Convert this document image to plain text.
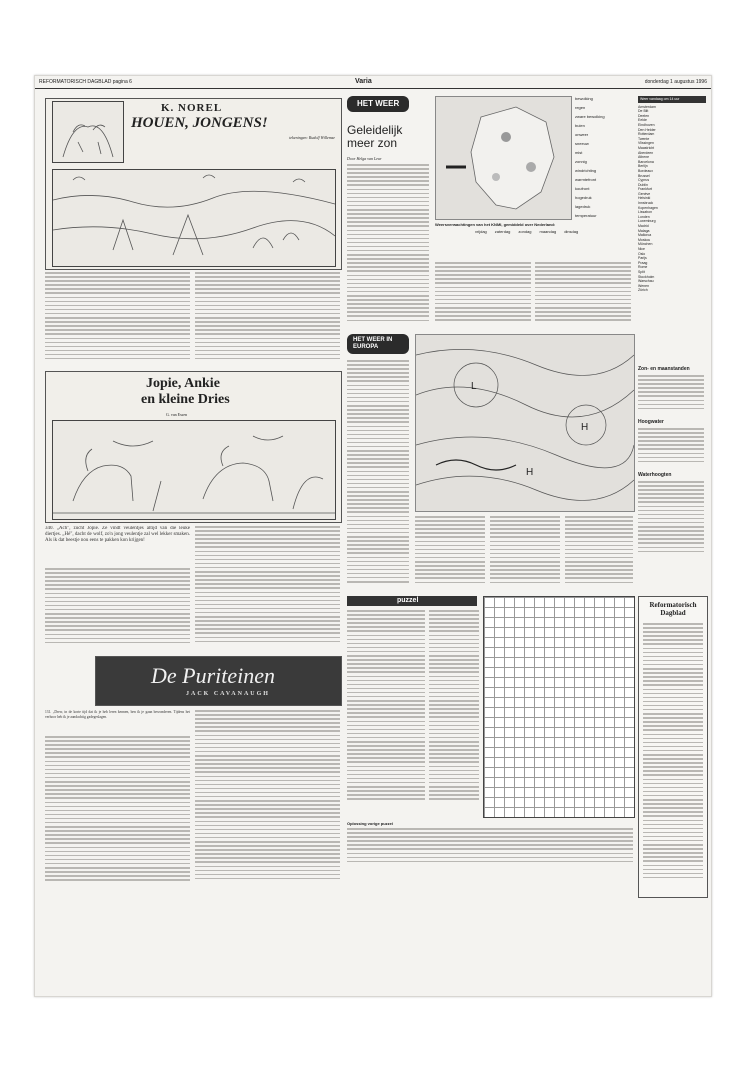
REFORMATORISCH DAGBLAD pagina 6	Varia	donderdag 1 augustus 1996
K. NOREL
HOUEN, JONGENS!
tekeningen: Rudolf Willemse
Jopie, Ankie
en kleine Dries
G. van Essen
340. „Ach", zucht Jopie. Ze vindt veulentjes altijd van die leuke diertjes. „Hé", dacht de wolf, zo'n jong veulentje zal wel lekker smaken. Als ik dat beestje nou eens te pakken kon krijgen!
De Puriteinen
JACK CAVANAUGH
131. „Drew, in de korte tijd dat ik je heb leren kennen, ben ik je gaan bewonderen. Tijdens het verhoor heb ik je aandachtig gadegeslagen.
HET WEER
Geleidelijk meer zon
Door Helga van Leur
bewolking
regen
zware bewolking
buien
onweer
sneeuw
mist
zonnig
windrichting
warmtefront
koufront
hogedruk
lagedruk
temperatuur
Weersverwachtingen van het KNMI, gemiddeld over Nederland:
vrijdag zaterdag zondag maandag dinsdag
Weer vandaag om 14 uur
Amsterdam
De Bilt
Deelen
Eelde
Eindhoven
Den Helder
Rotterdam
Twente
Vlissingen
Maastricht
Aberdeen
Athene
Barcelona
Berlijn
Bordeaux
Brussel
Cyprus
Dublin
Frankfurt
Genève
Helsinki
Innsbruck
Kopenhagen
Lissabon
Londen
Luxemburg
Madrid
Malaga
Mallorca
Moskou
München
Nice
Oslo
Parijs
Praag
Rome
Split
Stockholm
Warschau
Wenen
Zürich
HET WEER IN EUROPA
L
H
H
Zon- en maanstanden
Hoogwater
Waterhoogten
puzzel
Oplossing vorige puzzel
Reformatorisch Dagblad
